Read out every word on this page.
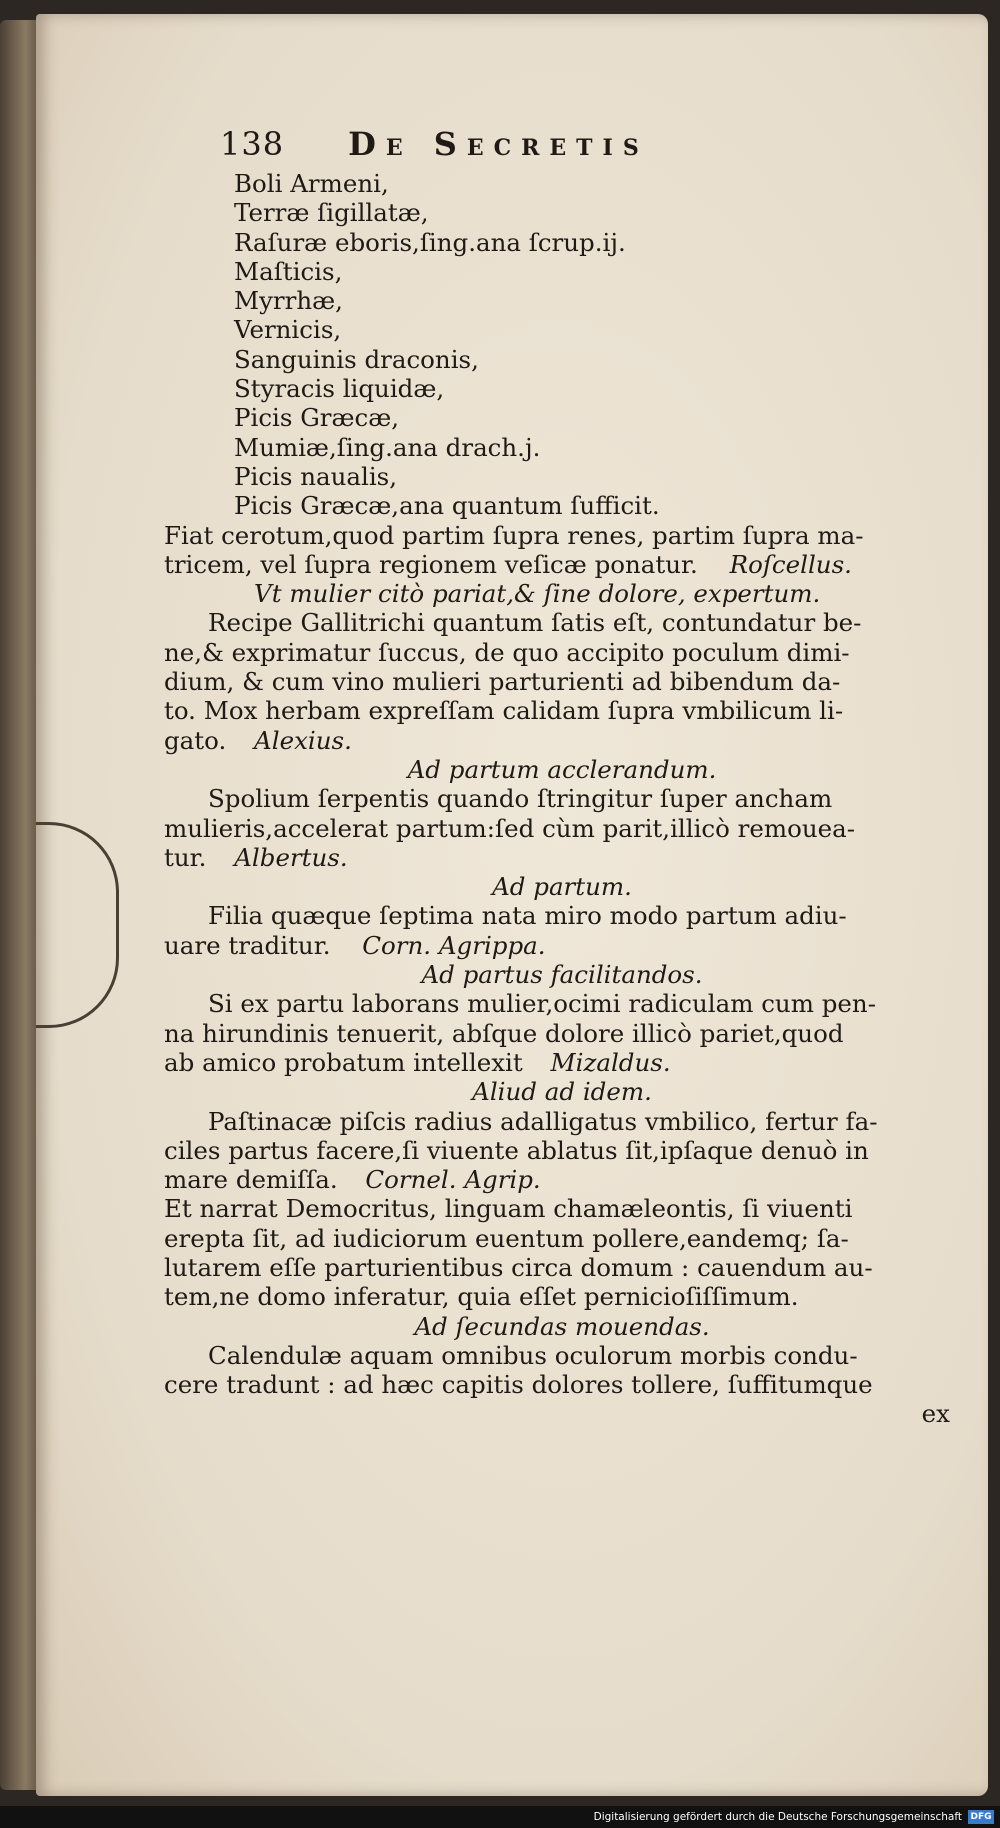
138 De Secretis
Boli Armeni,
Terræ ſigillatæ,
Raſuræ eboris,ſing.ana ſcrup.ij.
Maſticis,
Myrrhæ,
Vernicis,
Sanguinis draconis,
Styracis liquidæ,
Picis Græcæ,
Mumiæ,ſing.ana drach.j.
Picis naualis,
Picis Græcæ,ana quantum ſufficit.
Fiat cerotum,quod partim ſupra renes, partim ſupra ma-
tricem, vel ſupra regionem veſicæ ponatur. Roſcellus.
Vt mulier citò pariat,& ſine dolore, expertum.
Recipe Gallitrichi quantum ſatis eſt, contundatur be-
ne,& exprimatur ſuccus, de quo accipito poculum dimi-
dium, & cum vino mulieri parturienti ad bibendum da-
to. Mox herbam expreſſam calidam ſupra vmbilicum li-
gato. Alexius.
Ad partum acclerandum.
Spolium ſerpentis quando ſtringitur ſuper ancham
mulieris,accelerat partum:ſed cùm parit,illicò remoueа-
tur. Albertus.
Ad partum.
Filia quæque ſeptima nata miro modo partum adiu-
uare traditur. Corn. Agrippa.
Ad partus facilitandos.
Si ex partu laborans mulier,ocimi radiculam cum pen-
na hirundinis tenuerit, abſque dolore illicò pariet,quod
ab amico probatum intellexit Mizaldus.
Aliud ad idem.
Paſtinacæ piſcis radius adalligatus vmbilico, fertur fa-
ciles partus facere,ſi viuente ablatus ſit,ipſaque denuò in
mare demiſſa. Cornel. Agrip.
Et narrat Democritus, linguam chamæleontis, ſi viuenti
erepta ſit, ad iudiciorum euentum pollere,eandemq; ſa-
lutarem eſſe parturientibus circa domum : cauendum au-
tem,ne domo inferatur, quia eſſet pernicioſiſſimum.
Ad ſecundas mouendas.
Calendulæ aquam omnibus oculorum morbis condu-
cere tradunt : ad hæc capitis dolores tollere, ſuffitumque
ex
Digitalisierung gefördert durch die Deutsche Forschungsgemeinschaft DFG
